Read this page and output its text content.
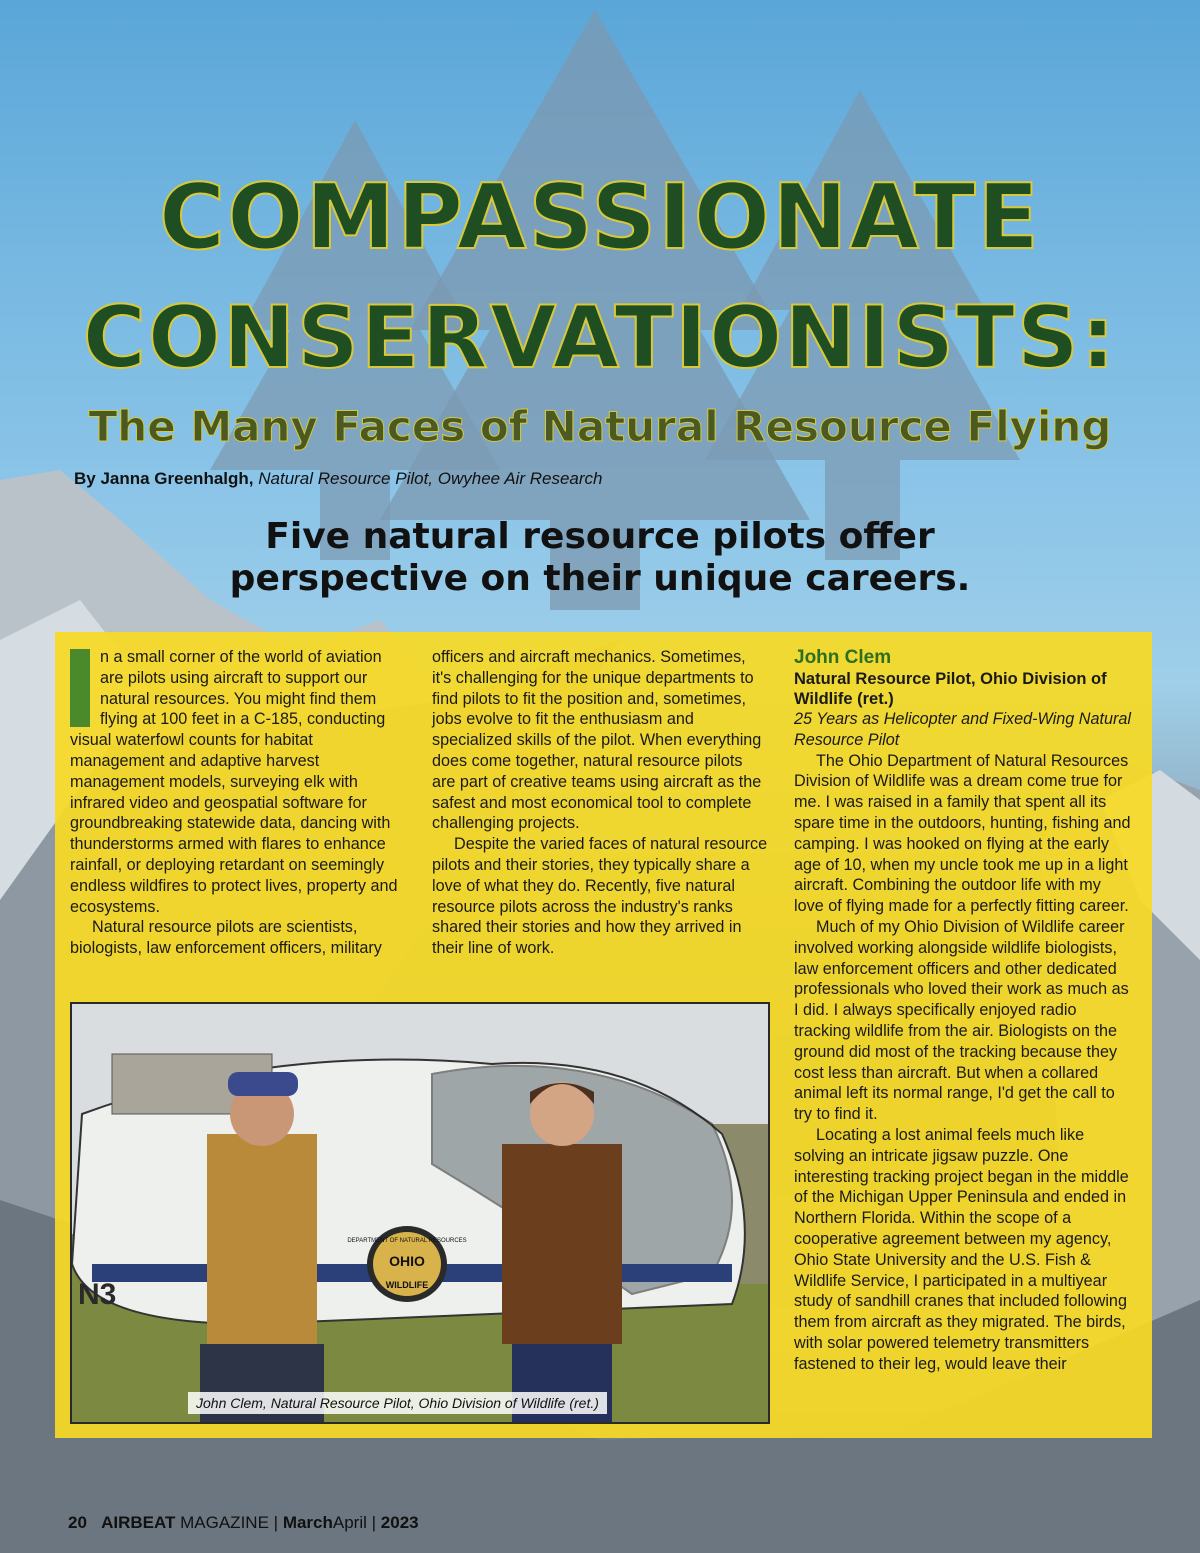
COMPASSIONATE
CONSERVATIONISTS:
The Many Faces of Natural Resource Flying
By Janna Greenhalgh, Natural Resource Pilot, Owyhee Air Research
Five natural resource pilots offer
perspective on their unique careers.

n a small corner of the world of aviation are pilots using aircraft to support our natural resources. You might find them flying at 100 feet in a C-185, conducting visual waterfowl counts for habitat management and adaptive harvest management models, surveying elk with infrared video and geospatial software for groundbreaking statewide data, dancing with thunderstorms armed with flares to enhance rainfall, or deploying retardant on seemingly endless wildfires to protect lives, property and ecosystems.

Natural resource pilots are scientists, biologists, law enforcement officers, military

officers and aircraft mechanics. Sometimes, it's challenging for the unique departments to find pilots to fit the position and, sometimes, jobs evolve to fit the enthusiasm and specialized skills of the pilot. When everything does come together, natural resource pilots are part of creative teams using aircraft as the safest and most economical tool to complete challenging projects.

Despite the varied faces of natural resource pilots and their stories, they typically share a love of what they do. Recently, five natural resource pilots across the industry's ranks shared their stories and how they arrived in their line of work.

John Clem
Natural Resource Pilot, Ohio Division of Wildlife (ret.)
25 Years as Helicopter and Fixed-Wing Natural Resource Pilot

The Ohio Department of Natural Resources Division of Wildlife was a dream come true for me. I was raised in a family that spent all its spare time in the outdoors, hunting, fishing and camping. I was hooked on flying at the early age of 10, when my uncle took me up in a light aircraft. Combining the outdoor life with my love of flying made for a perfectly fitting career.

Much of my Ohio Division of Wildlife career involved working alongside wildlife biologists, law enforcement officers and other dedicated professionals who loved their work as much as I did. I always specifically enjoyed radio tracking wildlife from the air. Biologists on the ground did most of the tracking because they cost less than aircraft. But when a collared animal left its normal range, I'd get the call to try to find it.

Locating a lost animal feels much like solving an intricate jigsaw puzzle. One interesting tracking project began in the middle of the Michigan Upper Peninsula and ended in Northern Florida. Within the scope of a cooperative agreement between my agency, Ohio State University and the U.S. Fish & Wildlife Service, I participated in a multiyear study of sandhill cranes that included following them from aircraft as they migrated. The birds, with solar powered telemetry transmitters fastened to their leg, would leave their

DEPARTMENT OF NATURAL RESOURCES
OHIO
WILDLIFE
N3
John Clem, Natural Resource Pilot, Ohio Division of Wildlife (ret.)
20 AIRBEAT MAGAZINE | MarchApril | 2023
